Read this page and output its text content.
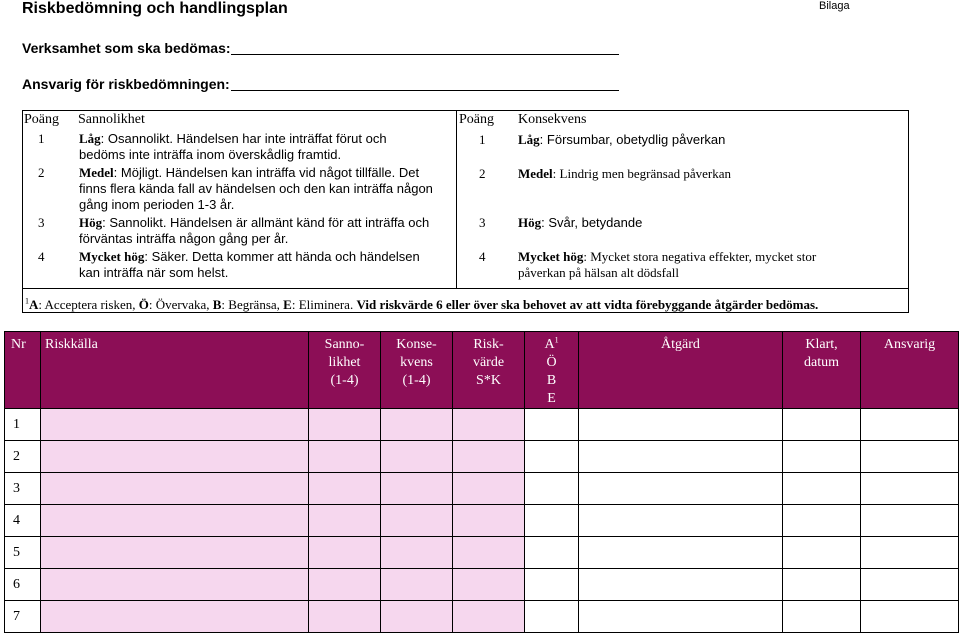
Riskbedömning och handlingsplan	Bilaga
Verksamhet som ska bedömas:
Ansvarig för riskbedömningen:
Poäng Sannolikhet	Poäng Konsekvens
1	Låg: Osannolikt. Händelsen har inte inträffat förut och
bedöms inte inträffa inom överskådlig framtid.
2	Medel: Möjligt. Händelsen kan inträffa vid något tillfälle. Det
finns flera kända fall av händelsen och den kan inträffa någon gång inom perioden 1-3 år.
3	Hög: Sannolikt. Händelsen är allmänt känd för att inträffa och
förväntas inträffa någon gång per år.
4	Mycket hög: Säker. Detta kommer att hända och händelsen
kan inträffa när som helst.
1	Låg: Försumbar, obetydlig påverkan
2	Medel: Lindrig men begränsad påverkan
3	Hög: Svår, betydande
4	Mycket hög: Mycket stora negativa effekter, mycket stor påverkan på hälsan alt dödsfall
$^1$A: Acceptera risken, Ö: Övervaka, B: Begränsa, E: Eliminera. Vid riskvärde 6 eller över ska behovet av att vidta förebyggande åtgärder bedömas.
Nr	Riskkälla	Sanno-
likhet
(1-4)	Konse-
kvens
(1-4)	Risk-
värde
S*K	$A^1$
Ö
B
E	Åtgärd	Klart,
datum	Ansvarig
1								
2								
3								
4								
5								
6								
7								
